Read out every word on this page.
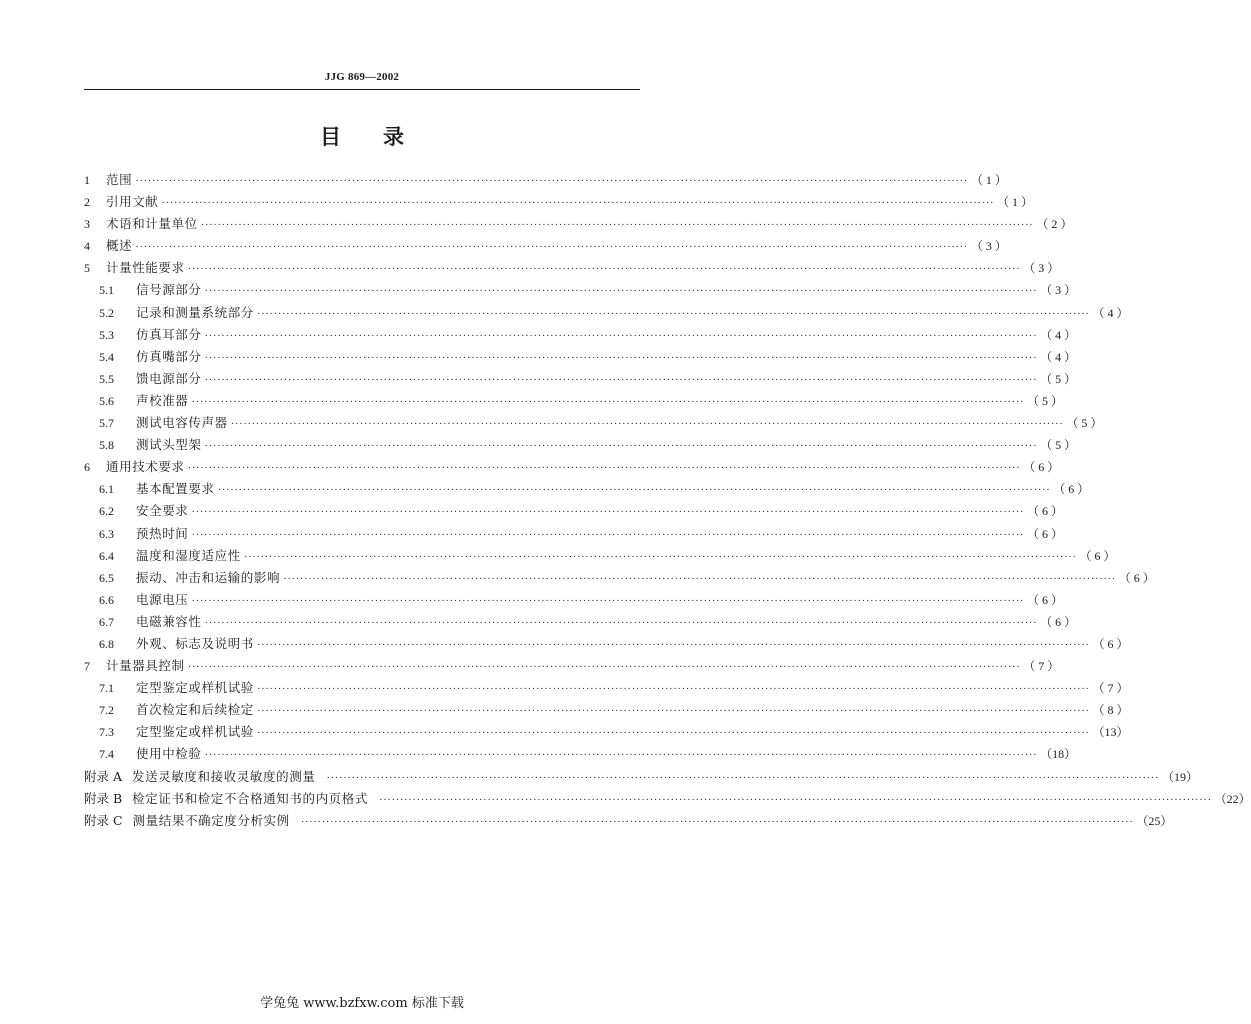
JJG 869—2002
目　　录
1	范围 ········································································································································································································ （ 1 ）
2	引用文献 ········································································································································································································ （ 1 ）
3	术语和计量单位 ········································································································································································································ （ 2 ）
4	概述 ········································································································································································································ （ 3 ）
5	计量性能要求 ········································································································································································································ （ 3 ）
5.1	信号源部分 ········································································································································································································ （ 3 ）
5.2	记录和测量系统部分 ········································································································································································································ （ 4 ）
5.3	仿真耳部分 ········································································································································································································ （ 4 ）
5.4	仿真嘴部分 ········································································································································································································ （ 4 ）
5.5	馈电源部分 ········································································································································································································ （ 5 ）
5.6	声校准器 ········································································································································································································ （ 5 ）
5.7	测试电容传声器 ········································································································································································································ （ 5 ）
5.8	测试头型架 ········································································································································································································ （ 5 ）
6	通用技术要求 ········································································································································································································ （ 6 ）
6.1	基本配置要求 ········································································································································································································ （ 6 ）
6.2	安全要求 ········································································································································································································ （ 6 ）
6.3	预热时间 ········································································································································································································ （ 6 ）
6.4	温度和湿度适应性 ········································································································································································································ （ 6 ）
6.5	振动、冲击和运输的影响 ········································································································································································································ （ 6 ）
6.6	电源电压 ········································································································································································································ （ 6 ）
6.7	电磁兼容性 ········································································································································································································ （ 6 ）
6.8	外观、标志及说明书 ········································································································································································································ （ 6 ）
7	计量器具控制 ········································································································································································································ （ 7 ）
7.1	定型鉴定或样机试验 ········································································································································································································ （ 7 ）
7.2	首次检定和后续检定 ········································································································································································································ （ 8 ）
7.3	定型鉴定或样机试验 ········································································································································································································ （13）
7.4	使用中检验 ········································································································································································································ （18）
附录 A 发送灵敏度和接收灵敏度的测量 ········································································································································································································ （19）
附录 B 检定证书和检定不合格通知书的内页格式 ········································································································································································································ （22）
附录 C 测量结果不确定度分析实例 ········································································································································································································ （25）
学兔兔 www.bzfxw.com 标准下载
